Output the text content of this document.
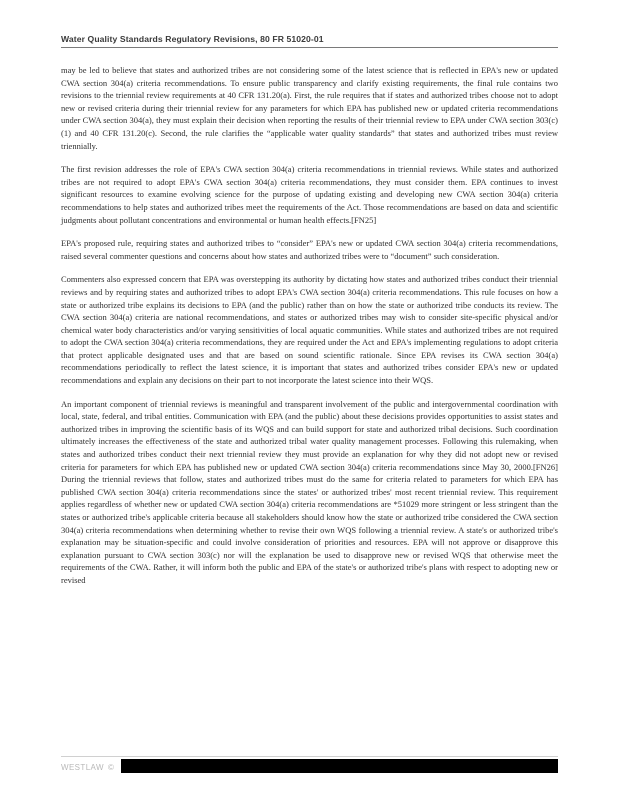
Water Quality Standards Regulatory Revisions, 80 FR 51020-01

may be led to believe that states and authorized tribes are not considering some of the latest science that is reflected in EPA's new or updated CWA section 304(a) criteria recommendations. To ensure public transparency and clarify existing requirements, the final rule contains two revisions to the triennial review requirements at 40 CFR 131.20(a). First, the rule requires that if states and authorized tribes choose not to adopt new or revised criteria during their triennial review for any parameters for which EPA has published new or updated criteria recommendations under CWA section 304(a), they must explain their decision when reporting the results of their triennial review to EPA under CWA section 303(c)(1) and 40 CFR 131.20(c). Second, the rule clarifies the “applicable water quality standards” that states and authorized tribes must review triennially.

The first revision addresses the role of EPA's CWA section 304(a) criteria recommendations in triennial reviews. While states and authorized tribes are not required to adopt EPA's CWA section 304(a) criteria recommendations, they must consider them. EPA continues to invest significant resources to examine evolving science for the purpose of updating existing and developing new CWA section 304(a) criteria recommendations to help states and authorized tribes meet the requirements of the Act. Those recommendations are based on data and scientific judgments about pollutant concentrations and environmental or human health effects.[FN25]

EPA's proposed rule, requiring states and authorized tribes to “consider” EPA's new or updated CWA section 304(a) criteria recommendations, raised several commenter questions and concerns about how states and authorized tribes were to “document” such consideration.

Commenters also expressed concern that EPA was overstepping its authority by dictating how states and authorized tribes conduct their triennial reviews and by requiring states and authorized tribes to adopt EPA's CWA section 304(a) criteria recommendations. This rule focuses on how a state or authorized tribe explains its decisions to EPA (and the public) rather than on how the state or authorized tribe conducts its review. The CWA section 304(a) criteria are national recommendations, and states or authorized tribes may wish to consider site-specific physical and/or chemical water body characteristics and/or varying sensitivities of local aquatic communities. While states and authorized tribes are not required to adopt the CWA section 304(a) criteria recommendations, they are required under the Act and EPA's implementing regulations to adopt criteria that protect applicable designated uses and that are based on sound scientific rationale. Since EPA revises its CWA section 304(a) recommendations periodically to reflect the latest science, it is important that states and authorized tribes consider EPA's new or updated recommendations and explain any decisions on their part to not incorporate the latest science into their WQS.

An important component of triennial reviews is meaningful and transparent involvement of the public and intergovernmental coordination with local, state, federal, and tribal entities. Communication with EPA (and the public) about these decisions provides opportunities to assist states and authorized tribes in improving the scientific basis of its WQS and can build support for state and authorized tribal decisions. Such coordination ultimately increases the effectiveness of the state and authorized tribal water quality management processes. Following this rulemaking, when states and authorized tribes conduct their next triennial review they must provide an explanation for why they did not adopt new or revised criteria for parameters for which EPA has published new or updated CWA section 304(a) criteria recommendations since May 30, 2000.[FN26] During the triennial reviews that follow, states and authorized tribes must do the same for criteria related to parameters for which EPA has published CWA section 304(a) criteria recommendations since the states' or authorized tribes' most recent triennial review. This requirement applies regardless of whether new or updated CWA section 304(a) criteria recommendations are *51029 more stringent or less stringent than the states or authorized tribe's applicable criteria because all stakeholders should know how the state or authorized tribe considered the CWA section 304(a) criteria recommendations when determining whether to revise their own WQS following a triennial review. A state's or authorized tribe's explanation may be situation-specific and could involve consideration of priorities and resources. EPA will not approve or disapprove this explanation pursuant to CWA section 303(c) nor will the explanation be used to disapprove new or revised WQS that otherwise meet the requirements of the CWA. Rather, it will inform both the public and EPA of the state's or authorized tribe's plans with respect to adopting new or revised

WESTLAW ©
